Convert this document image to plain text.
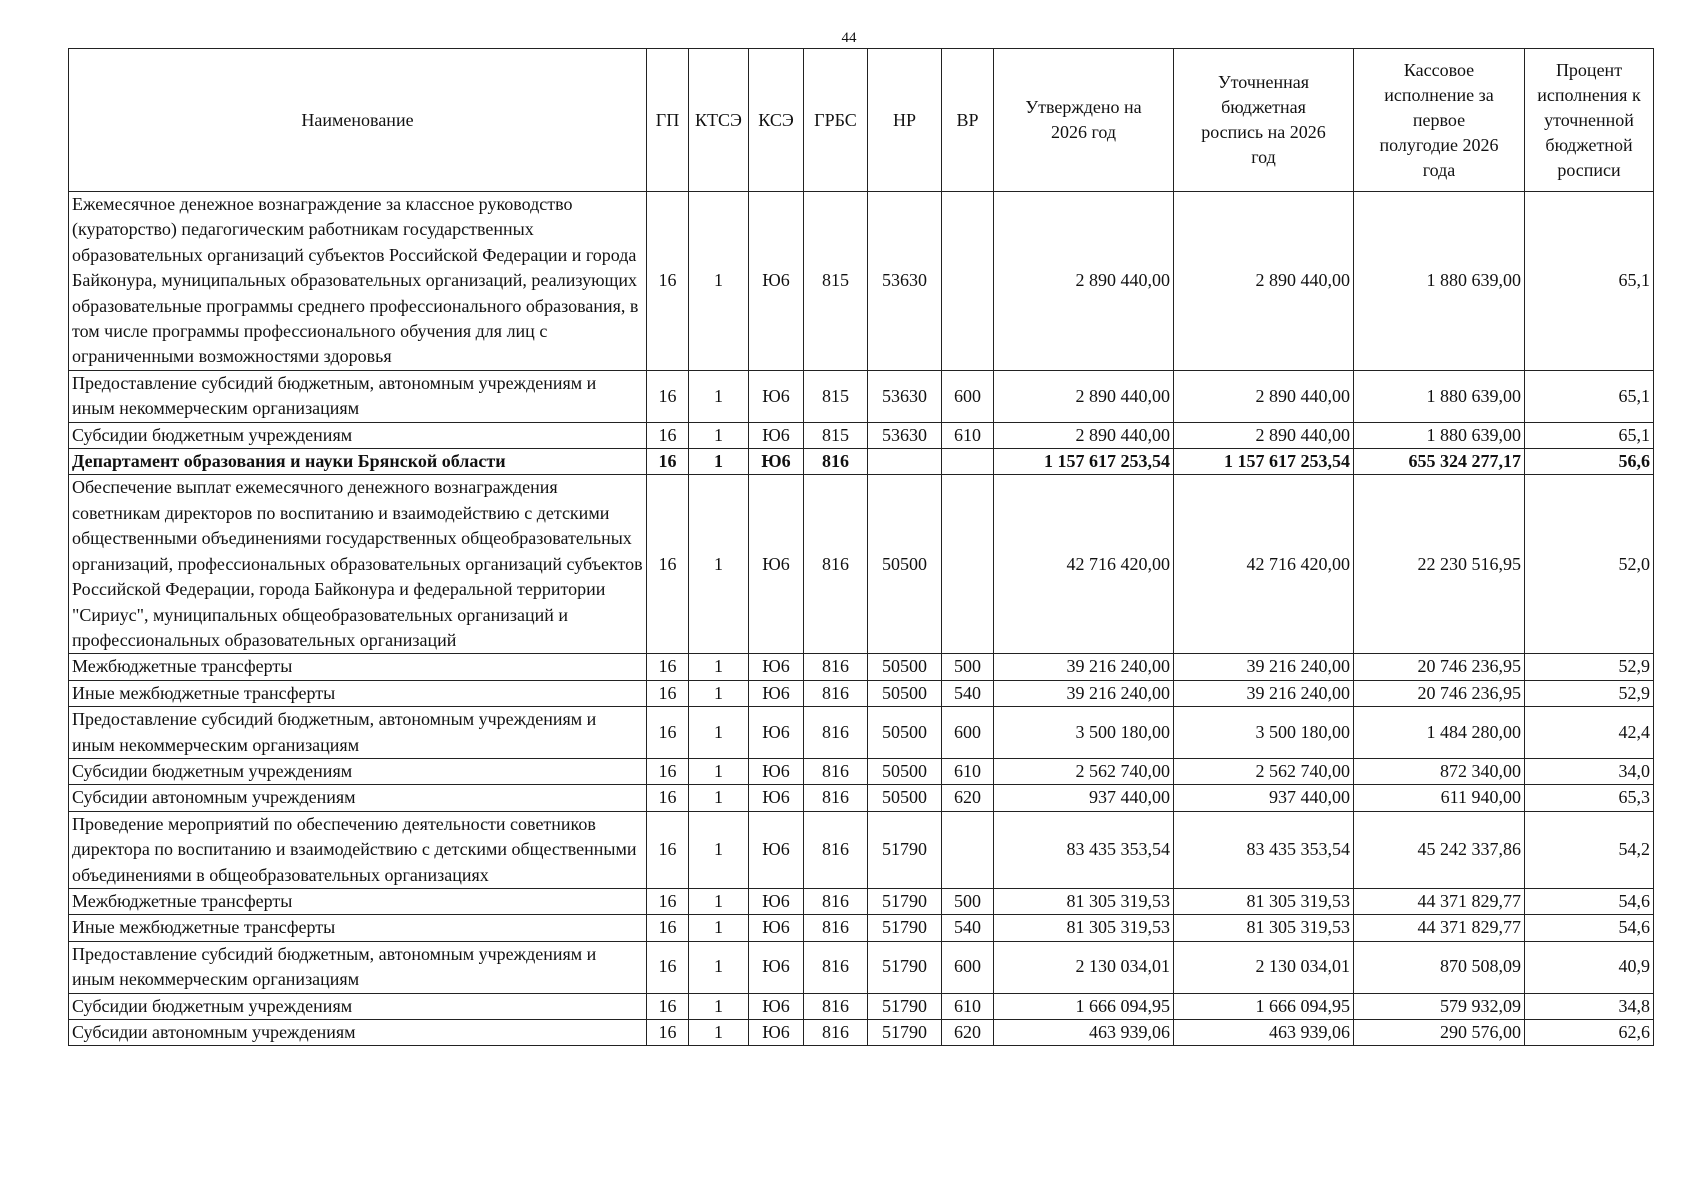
44
Наименование	ГП	КТСЭ	КСЭ	ГРБС	НР	ВР	Утверждено на 2026 год	Уточненная бюджетная роспись на 2026 год	Кассовое исполнение за первое полугодие 2026 года	Процент исполнения к уточненной бюджетной росписи
Ежемесячное денежное вознаграждение за классное руководство (кураторство) педагогическим работникам государственных образовательных организаций субъектов Российской Федерации и города Байконура, муниципальных образовательных организаций, реализующих образовательные программы среднего профессионального образования, в том числе программы профессионального обучения для лиц с ограниченными возможностями здоровья	16	1	Ю6	815	53630		2 890 440,00	2 890 440,00	1 880 639,00	65,1
Предоставление субсидий бюджетным, автономным учреждениям и иным некоммерческим организациям	16	1	Ю6	815	53630	600	2 890 440,00	2 890 440,00	1 880 639,00	65,1
Субсидии бюджетным учреждениям	16	1	Ю6	815	53630	610	2 890 440,00	2 890 440,00	1 880 639,00	65,1
Департамент образования и науки Брянской области	16	1	Ю6	816			1 157 617 253,54	1 157 617 253,54	655 324 277,17	56,6
Обеспечение выплат ежемесячного денежного вознаграждения советникам директоров по воспитанию и взаимодействию с детскими общественными объединениями государственных общеобразовательных организаций, профессиональных образовательных организаций субъектов Российской Федерации, города Байконура и федеральной территории "Сириус", муниципальных общеобразовательных организаций и профессиональных образовательных организаций	16	1	Ю6	816	50500		42 716 420,00	42 716 420,00	22 230 516,95	52,0
Межбюджетные трансферты	16	1	Ю6	816	50500	500	39 216 240,00	39 216 240,00	20 746 236,95	52,9
Иные межбюджетные трансферты	16	1	Ю6	816	50500	540	39 216 240,00	39 216 240,00	20 746 236,95	52,9
Предоставление субсидий бюджетным, автономным учреждениям и иным некоммерческим организациям	16	1	Ю6	816	50500	600	3 500 180,00	3 500 180,00	1 484 280,00	42,4
Субсидии бюджетным учреждениям	16	1	Ю6	816	50500	610	2 562 740,00	2 562 740,00	872 340,00	34,0
Субсидии автономным учреждениям	16	1	Ю6	816	50500	620	937 440,00	937 440,00	611 940,00	65,3
Проведение мероприятий по обеспечению деятельности советников директора по воспитанию и взаимодействию с детскими общественными объединениями в общеобразовательных организациях	16	1	Ю6	816	51790		83 435 353,54	83 435 353,54	45 242 337,86	54,2
Межбюджетные трансферты	16	1	Ю6	816	51790	500	81 305 319,53	81 305 319,53	44 371 829,77	54,6
Иные межбюджетные трансферты	16	1	Ю6	816	51790	540	81 305 319,53	81 305 319,53	44 371 829,77	54,6
Предоставление субсидий бюджетным, автономным учреждениям и иным некоммерческим организациям	16	1	Ю6	816	51790	600	2 130 034,01	2 130 034,01	870 508,09	40,9
Субсидии бюджетным учреждениям	16	1	Ю6	816	51790	610	1 666 094,95	1 666 094,95	579 932,09	34,8
Субсидии автономным учреждениям	16	1	Ю6	816	51790	620	463 939,06	463 939,06	290 576,00	62,6
